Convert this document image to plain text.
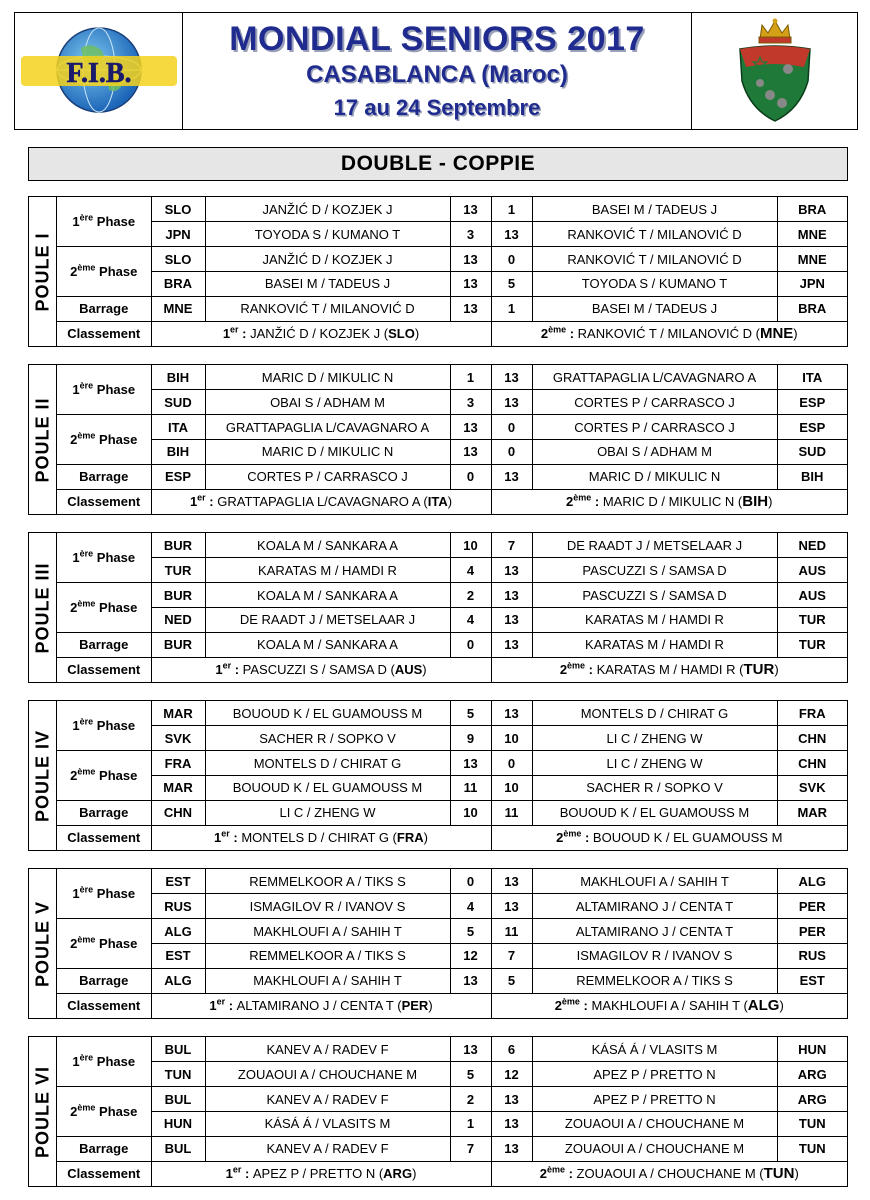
F.I.B.
MONDIAL SENIORS 2017
CASABLANCA (Maroc)
17 au 24 Septembre
DOUBLE - COPPIE
POULE I
1ère Phase	SLO	JANŽIĆ D / KOZJEK J	13	1	BASEI M / TADEUS J	BRA
	JPN	TOYODA S / KUMANO T	3	13	RANKOVIĆ T / MILANOVIĆ D	MNE
2ème Phase	SLO	JANŽIĆ D / KOZJEK J	13	0	RANKOVIĆ T / MILANOVIĆ D	MNE
	BRA	BASEI M / TADEUS J	13	5	TOYODA S / KUMANO T	JPN
Barrage	MNE	RANKOVIĆ T / MILANOVIĆ D	13	1	BASEI M / TADEUS J	BRA
Classement	1er : JANŽIĆ D / KOZJEK J (SLO)			2ème : RANKOVIĆ T / MILANOVIĆ D (MNE)		
POULE II
1ère Phase	BIH	MARIC D / MIKULIC N	1	13	GRATTAPAGLIA L/CAVAGNARO A	ITA
	SUD	OBAI S / ADHAM M	3	13	CORTES P / CARRASCO J	ESP
2ème Phase	ITA	GRATTAPAGLIA L/CAVAGNARO A	13	0	CORTES P / CARRASCO J	ESP
	BIH	MARIC D / MIKULIC N	13	0	OBAI S / ADHAM M	SUD
Barrage	ESP	CORTES P / CARRASCO J	0	13	MARIC D / MIKULIC N	BIH
Classement	1er : GRATTAPAGLIA L/CAVAGNARO A (ITA)			2ème : MARIC D / MIKULIC N (BIH)		
POULE III
1ère Phase	BUR	KOALA M / SANKARA A	10	7	DE RAADT J / METSELAAR J	NED
	TUR	KARATAS M / HAMDI R	4	13	PASCUZZI S / SAMSA D	AUS
2ème Phase	BUR	KOALA M / SANKARA A	2	13	PASCUZZI S / SAMSA D	AUS
	NED	DE RAADT J / METSELAAR J	4	13	KARATAS M / HAMDI R	TUR
Barrage	BUR	KOALA M / SANKARA A	0	13	KARATAS M / HAMDI R	TUR
Classement	1er : PASCUZZI S / SAMSA D (AUS)			2ème : KARATAS M / HAMDI R (TUR)		
POULE IV
1ère Phase	MAR	BOUOUD K / EL GUAMOUSS M	5	13	MONTELS D / CHIRAT G	FRA
	SVK	SACHER R / SOPKO V	9	10	LI C / ZHENG W	CHN
2ème Phase	FRA	MONTELS D / CHIRAT G	13	0	LI C / ZHENG W	CHN
	MAR	BOUOUD K / EL GUAMOUSS M	11	10	SACHER R / SOPKO V	SVK
Barrage	CHN	LI C / ZHENG W	10	11	BOUOUD K / EL GUAMOUSS M	MAR
Classement	1er : MONTELS D / CHIRAT G (FRA)			2ème : BOUOUD K / EL GUAMOUSS M		
POULE V
1ère Phase	EST	REMMELKOOR A / TIKS S	0	13	MAKHLOUFI A / SAHIH T	ALG
	RUS	ISMAGILOV R / IVANOV S	4	13	ALTAMIRANO J / CENTA T	PER
2ème Phase	ALG	MAKHLOUFI A / SAHIH T	5	11	ALTAMIRANO J / CENTA T	PER
	EST	REMMELKOOR A / TIKS S	12	7	ISMAGILOV R / IVANOV S	RUS
Barrage	ALG	MAKHLOUFI A / SAHIH T	13	5	REMMELKOOR A / TIKS S	EST
Classement	1er : ALTAMIRANO J / CENTA T (PER)			2ème : MAKHLOUFI A / SAHIH T (ALG)		
POULE VI
1ère Phase	BUL	KANEV A / RADEV F	13	6	KÁSÁ Á / VLASITS M	HUN
	TUN	ZOUAOUI A / CHOUCHANE M	5	12	APEZ P / PRETTO N	ARG
2ème Phase	BUL	KANEV A / RADEV F	2	13	APEZ P / PRETTO N	ARG
	HUN	KÁSÁ Á / VLASITS M	1	13	ZOUAOUI A / CHOUCHANE M	TUN
Barrage	BUL	KANEV A / RADEV F	7	13	ZOUAOUI A / CHOUCHANE M	TUN
Classement	1er : APEZ P / PRETTO N (ARG)			2ème : ZOUAOUI A / CHOUCHANE M (TUN)		
